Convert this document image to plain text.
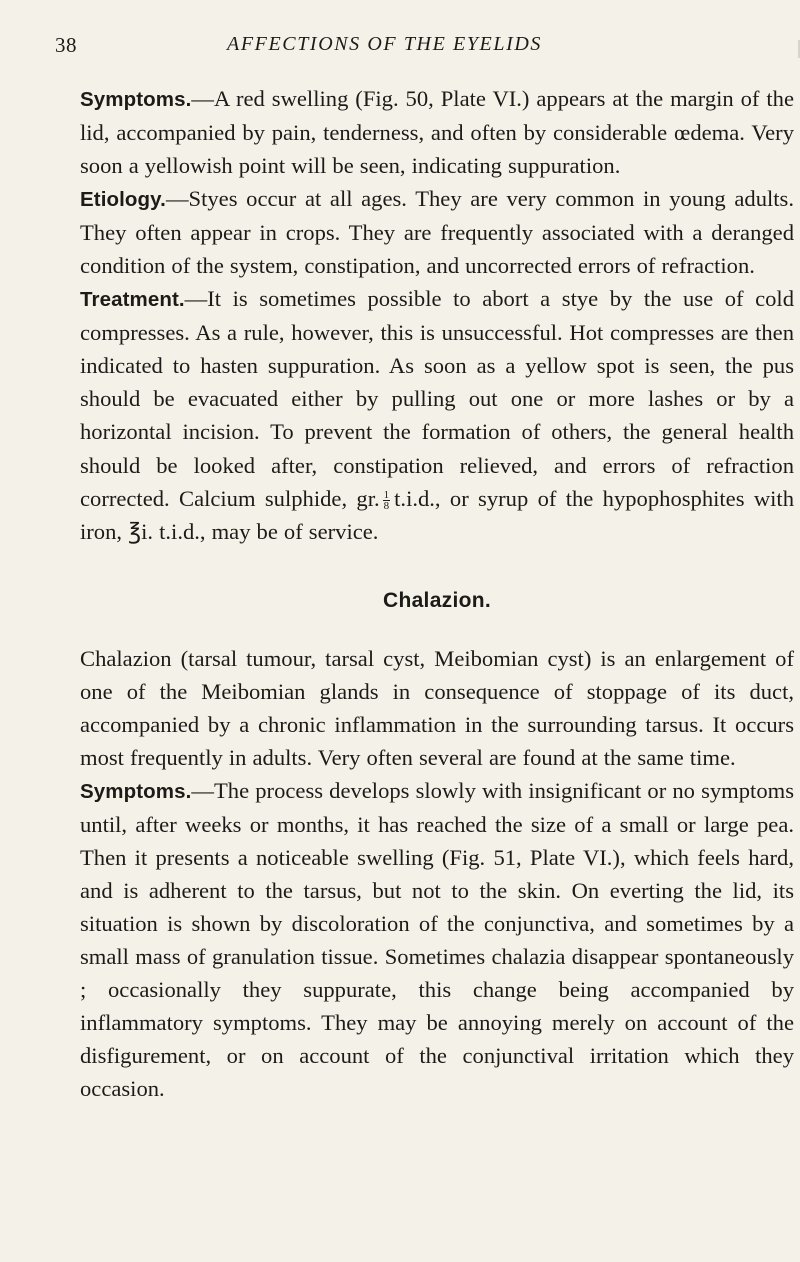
38	AFFECTIONS OF THE EYELIDS

Symptoms.—A red swelling (Fig. 50, Plate VI.) appears at the margin of the lid, accompanied by pain, tenderness, and often by considerable œdema. Very soon a yellowish point will be seen, indicating suppuration.

Etiology.—Styes occur at all ages. They are very common in young adults. They often appear in crops. They are frequently associated with a deranged condition of the system, constipation, and uncorrected errors of refraction.

Treatment.—It is sometimes possible to abort a stye by the use of cold compresses. As a rule, however, this is unsuccessful. Hot compresses are then indicated to hasten suppuration. As soon as a yellow spot is seen, the pus should be evacuated either by pulling out one or more lashes or by a horizontal incision. To prevent the formation of others, the general health should be looked after, constipation relieved, and errors of refraction corrected. Calcium sulphide, gr. $\frac{1}{8} t.i.d$., or syrup of the hypophosphites with iron, ℥i. t.i.d., may be of service.

Chalazion.

Chalazion (tarsal tumour, tarsal cyst, Meibomian cyst) is an enlargement of one of the Meibomian glands in consequence of stoppage of its duct, accompanied by a chronic inflammation in the surrounding tarsus. It occurs most frequently in adults. Very often several are found at the same time.

Symptoms.—The process develops slowly with insignificant or no symptoms until, after weeks or months, it has reached the size of a small or large pea. Then it presents a noticeable swelling (Fig. 51, Plate VI.), which feels hard, and is adherent to the tarsus, but not to the skin. On everting the lid, its situation is shown by discoloration of the conjunctiva, and sometimes by a small mass of granulation tissue. Sometimes chalazia disappear spontaneously ; occasionally they suppurate, this change being accompanied by inflammatory symptoms. They may be annoying merely on account of the disfigurement, or on account of the conjunctival irritation which they occasion.
